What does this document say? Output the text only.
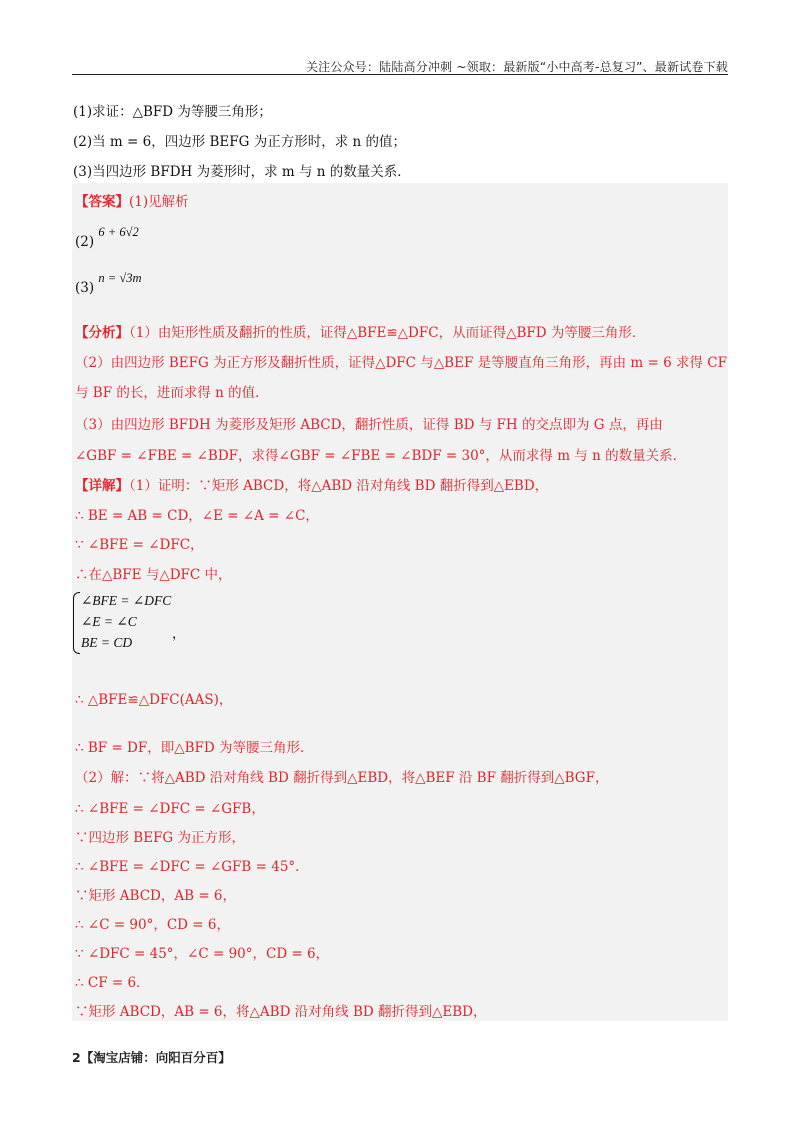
关注公众号：陆陆高分冲刺 ~领取：最新版“小中高考-总复习”、最新试卷下载
(1)求证：△BFD 为等腰三角形；
(2)当 m = 6，四边形 BEFG 为正方形时，求 n 的值；
(3)当四边形 BFDH 为菱形时，求 m 与 n 的数量关系．
【答案】(1)见解析
(2) 6 + 6√2
(3) n = √3m
【分析】（1）由矩形性质及翻折的性质，证得△BFE≌△DFC，从而证得△BFD 为等腰三角形．
（2）由四边形 BEFG 为正方形及翻折性质，证得△DFC 与△BEF 是等腰直角三角形，再由 m = 6 求得 CF
与 BF 的长，进而求得 n 的值．
（3）由四边形 BFDH 为菱形及矩形 ABCD，翻折性质，证得 BD 与 FH 的交点即为 G 点，再由
∠GBF = ∠FBE = ∠BDF，求得∠GBF = ∠FBE = ∠BDF = 30°，从而求得 m 与 n 的数量关系．
【详解】（1）证明：∵矩形 ABCD，将△ABD 沿对角线 BD 翻折得到△EBD，
∴ BE = AB = CD，∠E = ∠A = ∠C，
∵ ∠BFE = ∠DFC，
∴在△BFE 与△DFC 中，
∠BFE = ∠DFC
∠E = ∠C
BE = CD
，
∴ △BFE≌△DFC(AAS)，
∴ BF = DF，即△BFD 为等腰三角形．
（2）解：∵将△ABD 沿对角线 BD 翻折得到△EBD，将△BEF 沿 BF 翻折得到△BGF，
∴ ∠BFE = ∠DFC = ∠GFB，
∵四边形 BEFG 为正方形，
∴ ∠BFE = ∠DFC = ∠GFB = 45°．
∵矩形 ABCD，AB = 6，
∴ ∠C = 90°，CD = 6，
∵ ∠DFC = 45°，∠C = 90°，CD = 6，
∴ CF = 6．
∵矩形 ABCD，AB = 6，将△ABD 沿对角线 BD 翻折得到△EBD，
2【淘宝店铺：向阳百分百】
